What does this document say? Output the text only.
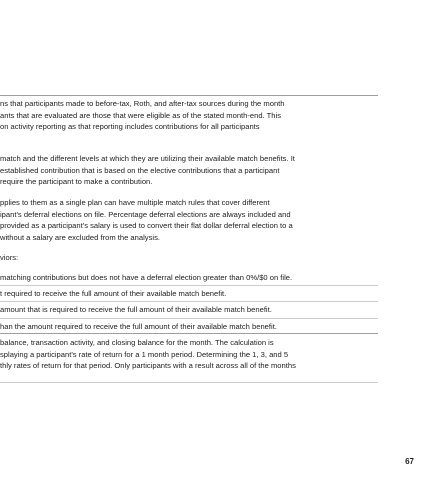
ns that participants made to before-tax, Roth, and after-tax sources during the month
ants that are evaluated are those that were eligible as of the stated month-end. This
on activity reporting as that reporting includes contributions for all participants
match and the different levels at which they are utilizing their available match benefits. It
established contribution that is based on the elective contributions that a participant
require the participant to make a contribution.
pplies to them as a single plan can have multiple match rules that cover different
ipant's deferral elections on file. Percentage deferral elections are always included and
provided as a participant's salary is used to convert their flat dollar deferral election to a
without a salary are excluded from the analysis.
viors:
matching contributions but does not have a deferral election greater than 0%/$0 on file.
t required to receive the full amount of their available match benefit.
amount that is required to receive the full amount of their available match benefit.
han the amount required to receive the full amount of their available match benefit.
balance, transaction activity, and closing balance for the month. The calculation is
splaying a participant's rate of return for a 1 month period. Determining the 1, 3, and 5
thly rates of return for that period. Only participants with a result across all of the months
67
